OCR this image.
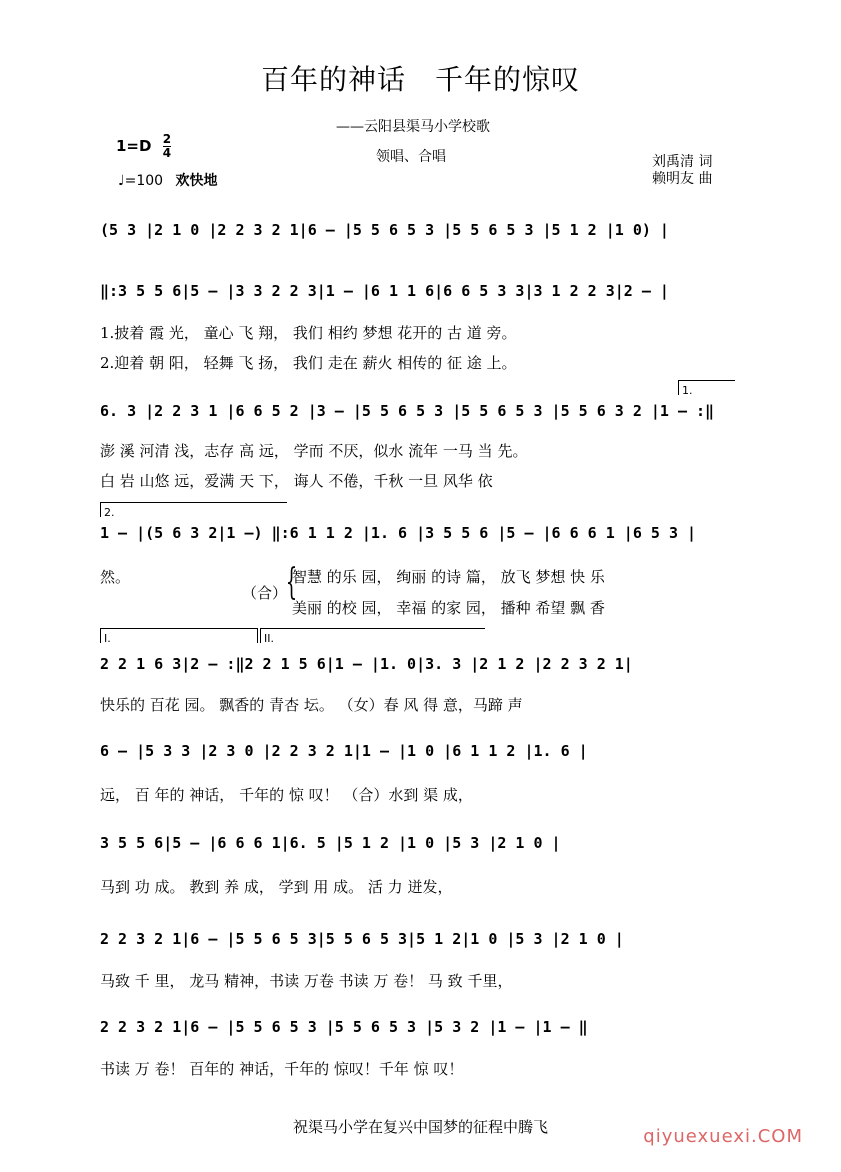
百年的神话　千年的惊叹
——云阳县渠马小学校歌
领唱、合唱
$1=D \frac{2}{4}$
♩=100 欢快地
刘禹清 词
赖明友 曲
(5 3 |2 1 0 |2 2 3 2 1|6 – |5 5 6 5 3 |5 5 6 5 3 |5 1 2 |1 0) |
‖:3 5 5 6|5 – |3 3 2 2 3|1 – |6 1 1 6|6 6 5 3 3|3 1 2 2 3|2 – |
1.披着 霞 光， 童心 飞 翔， 我们 相约 梦想 花开的 古 道 旁。
2.迎着 朝 阳， 轻舞 飞 扬， 我们 走在 薪火 相传的 征 途 上。
1.
6. 3 |2 2 3 1 |6 6 5 2 |3 – |5 5 6 5 3 |5 5 6 5 3 |5 5 6 3 2 |1 – :‖
澎 溪 河清 浅，志存 高 远， 学而 不厌，似水 流年 一马 当 先。
白 岩 山悠 远，爱满 天 下， 诲人 不倦，千秋 一旦 风华 依
2.
1 – |(5 6 3 2|1 –) ‖:6 1 1 2 |1. 6 |3 5 5 6 |5 – |6 6 6 1 |6 5 3 |
然。
（合）
{
智慧 的乐 园， 绚丽 的诗 篇， 放飞 梦想 快 乐
美丽 的校 园， 幸福 的家 园， 播种 希望 飘 香
I.	II.
2 2 1 6 3|2 – :‖2 2 1 5 6|1 – |1. 0|3. 3 |2 1 2 |2 2 3 2 1|
快乐的 百花 园。 飘香的 青杏 坛。 （女）春 风 得 意，马蹄 声
6 – |5 3 3 |2 3 0 |2 2 3 2 1|1 – |1 0 |6 1 1 2 |1. 6 |
远， 百 年的 神话， 千年的 惊 叹！ （合）水到 渠 成，
3 5 5 6|5 – |6 6 6 1|6. 5 |5 1 2 |1 0 |5 3 |2 1 0 |
马到 功 成。 教到 养 成， 学到 用 成。 活 力 迸发，
2 2 3 2 1|6 – |5 5 6 5 3|5 5 6 5 3|5 1 2|1 0 |5 3 |2 1 0 |
马致 千 里， 龙马 精神，书读 万卷 书读 万 卷！ 马 致 千里，
2 2 3 2 1|6 – |5 5 6 5 3 |5 5 6 5 3 |5 3 2 |1 – |1 – ‖
书读 万 卷！ 百年的 神话，千年的 惊叹！千年 惊 叹！
祝渠马小学在复兴中国梦的征程中腾飞	qiyuexuexi.COM
